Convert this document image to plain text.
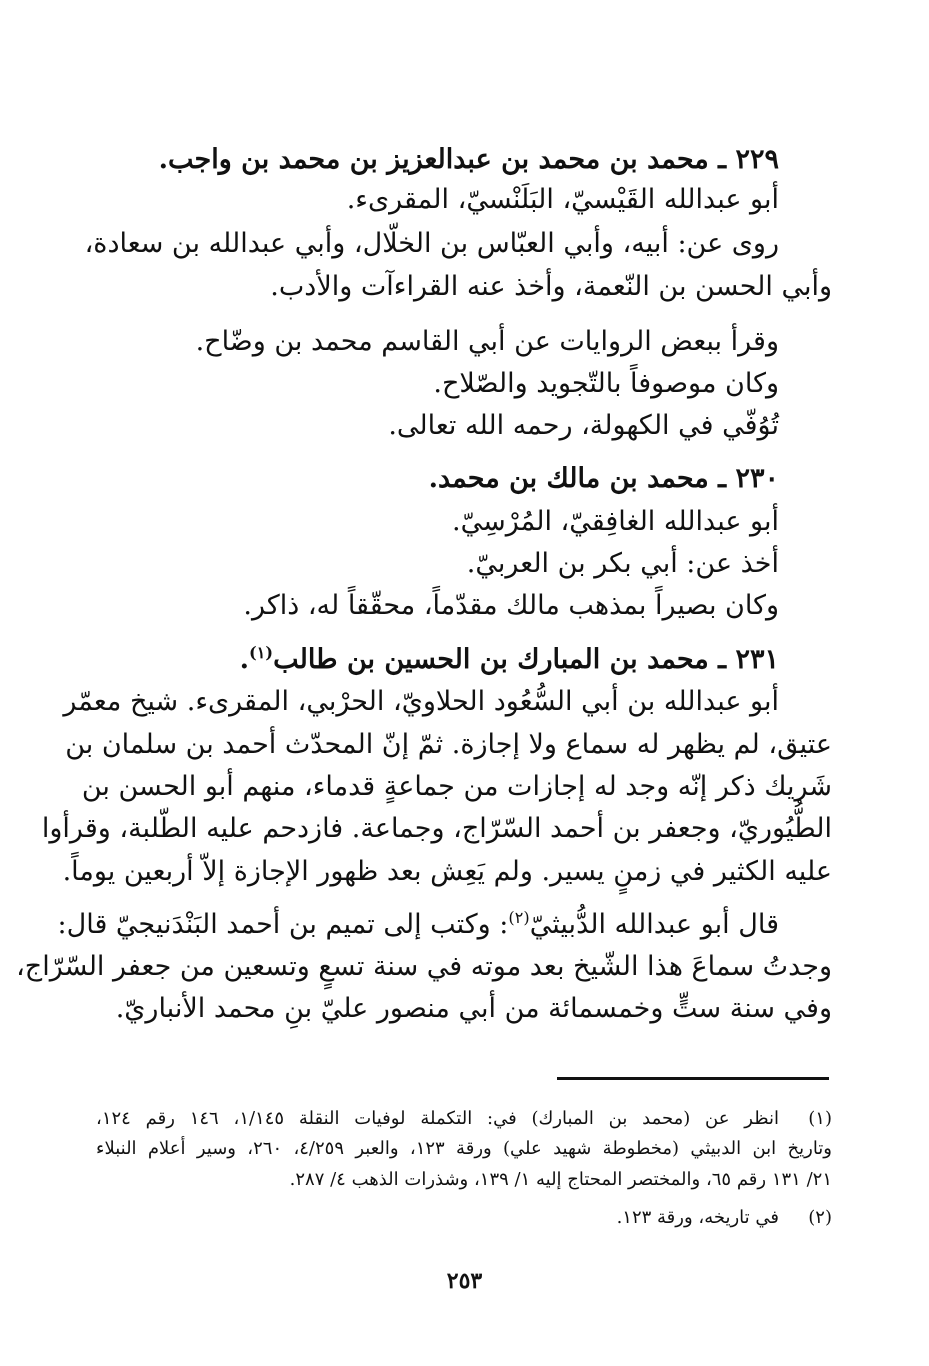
٢٢٩ ـ محمد بن محمد بن عبدالعزيز بن محمد بن واجب.
أبو عبدالله القَيْسيّ، البَلَنْسيّ، المقرىء.
روى عن: أبيه، وأبي العبّاس بن الخلّال، وأبي عبدالله بن سعادة،
وأبي الحسن بن النّعمة، وأخذ عنه القراءآت والأدب.
وقرأ ببعض الروايات عن أبي القاسم محمد بن وضّاح.
وكان موصوفاً بالتّجويد والصّلاح.
تُوُفّي في الكهولة، رحمه الله تعالى.
٢٣٠ ـ محمد بن مالك بن محمد.
أبو عبدالله الغافِقيّ، المُرْسِيّ.
أخذ عن: أبي بكر بن العربيّ.
وكان بصيراً بمذهب مالك مقدّماً، محقّقاً له، ذاكر.
٢٣١ ـ محمد بن المبارك بن الحسين بن طالب$^{(١)}$.
أبو عبدالله بن أبي السُّعُود الحلاويّ، الحرْبي، المقرىء. شيخ معمّر
عتيق، لم يظهر له سماع ولا إجازة. ثمّ إنّ المحدّث أحمد بن سلمان بن
شَريك ذكر إنّه وجد له إجازات من جماعةٍ قدماء، منهم أبو الحسن بن
الطُّيُوريّ، وجعفر بن أحمد السّرّاج، وجماعة. فازدحم عليه الطّلبة، وقرأوا
عليه الكثير في زمنٍ يسير. ولم يَعِش بعد ظهور الإجازة إلاّ أربعين يوماً.
قال أبو عبدالله الدُّبيثيّ$^{(٢)}$: وكتب إلى تميم بن أحمد البَنْدَنيجيّ قال:
وجدتُ سماعَ هذا الشّيخ بعد موته في سنة تسعٍ وتسعين من جعفر السّرّاج،
وفي سنة ستٍّ وخمسمائة من أبي منصور عليّ بنِ محمد الأنباريّ.
(١)
انظر عن (محمد بن المبارك) في: التكملة لوفيات النقلة ١/١٤٥، ١٤٦ رقم ١٢٤،
وتاريخ ابن الدبيثي (مخطوطة شهيد علي) ورقة ١٢٣، والعبر ٤/٢٥٩، ٢٦٠، وسير أعلام النبلاء
٢١/ ١٣١ رقم ٦٥، والمختصر المحتاج إليه ١/ ١٣٩، وشذرات الذهب ٤/ ٢٨٧.
(٢)
في تاريخه، ورقة ١٢٣.
٢٥٣
